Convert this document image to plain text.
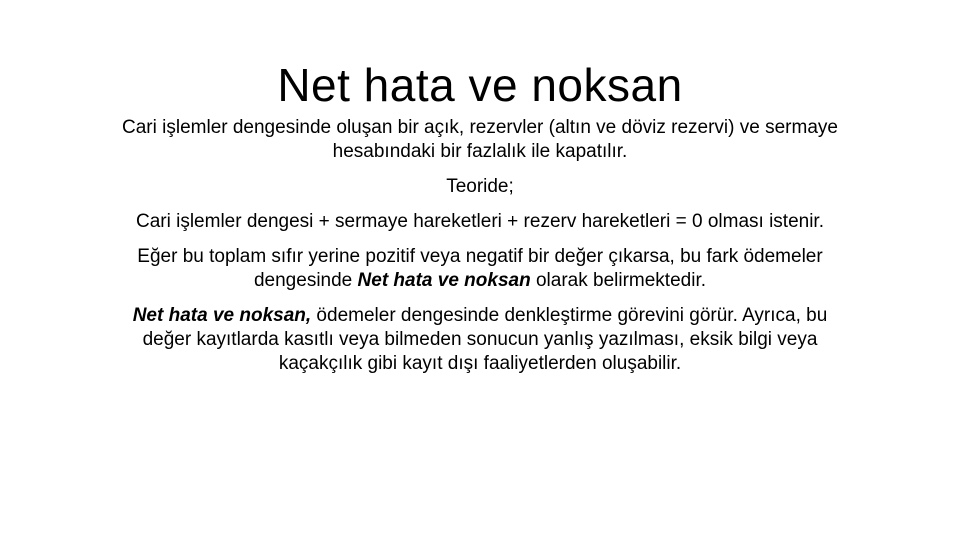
Net hata ve noksan

Cari işlemler dengesinde oluşan bir açık, rezervler (altın ve döviz rezervi) ve sermaye hesabındaki bir fazlalık ile kapatılır.

Teoride;

Cari işlemler dengesi + sermaye hareketleri + rezerv hareketleri = 0 olması istenir.

Eğer bu toplam sıfır yerine pozitif veya negatif bir değer çıkarsa, bu fark ödemeler dengesinde Net hata ve noksan olarak belirmektedir.

Net hata ve noksan, ödemeler dengesinde denkleştirme görevini görür. Ayrıca, bu değer kayıtlarda kasıtlı veya bilmeden sonucun yanlış yazılması, eksik bilgi veya kaçakçılık gibi kayıt dışı faaliyetlerden oluşabilir.
